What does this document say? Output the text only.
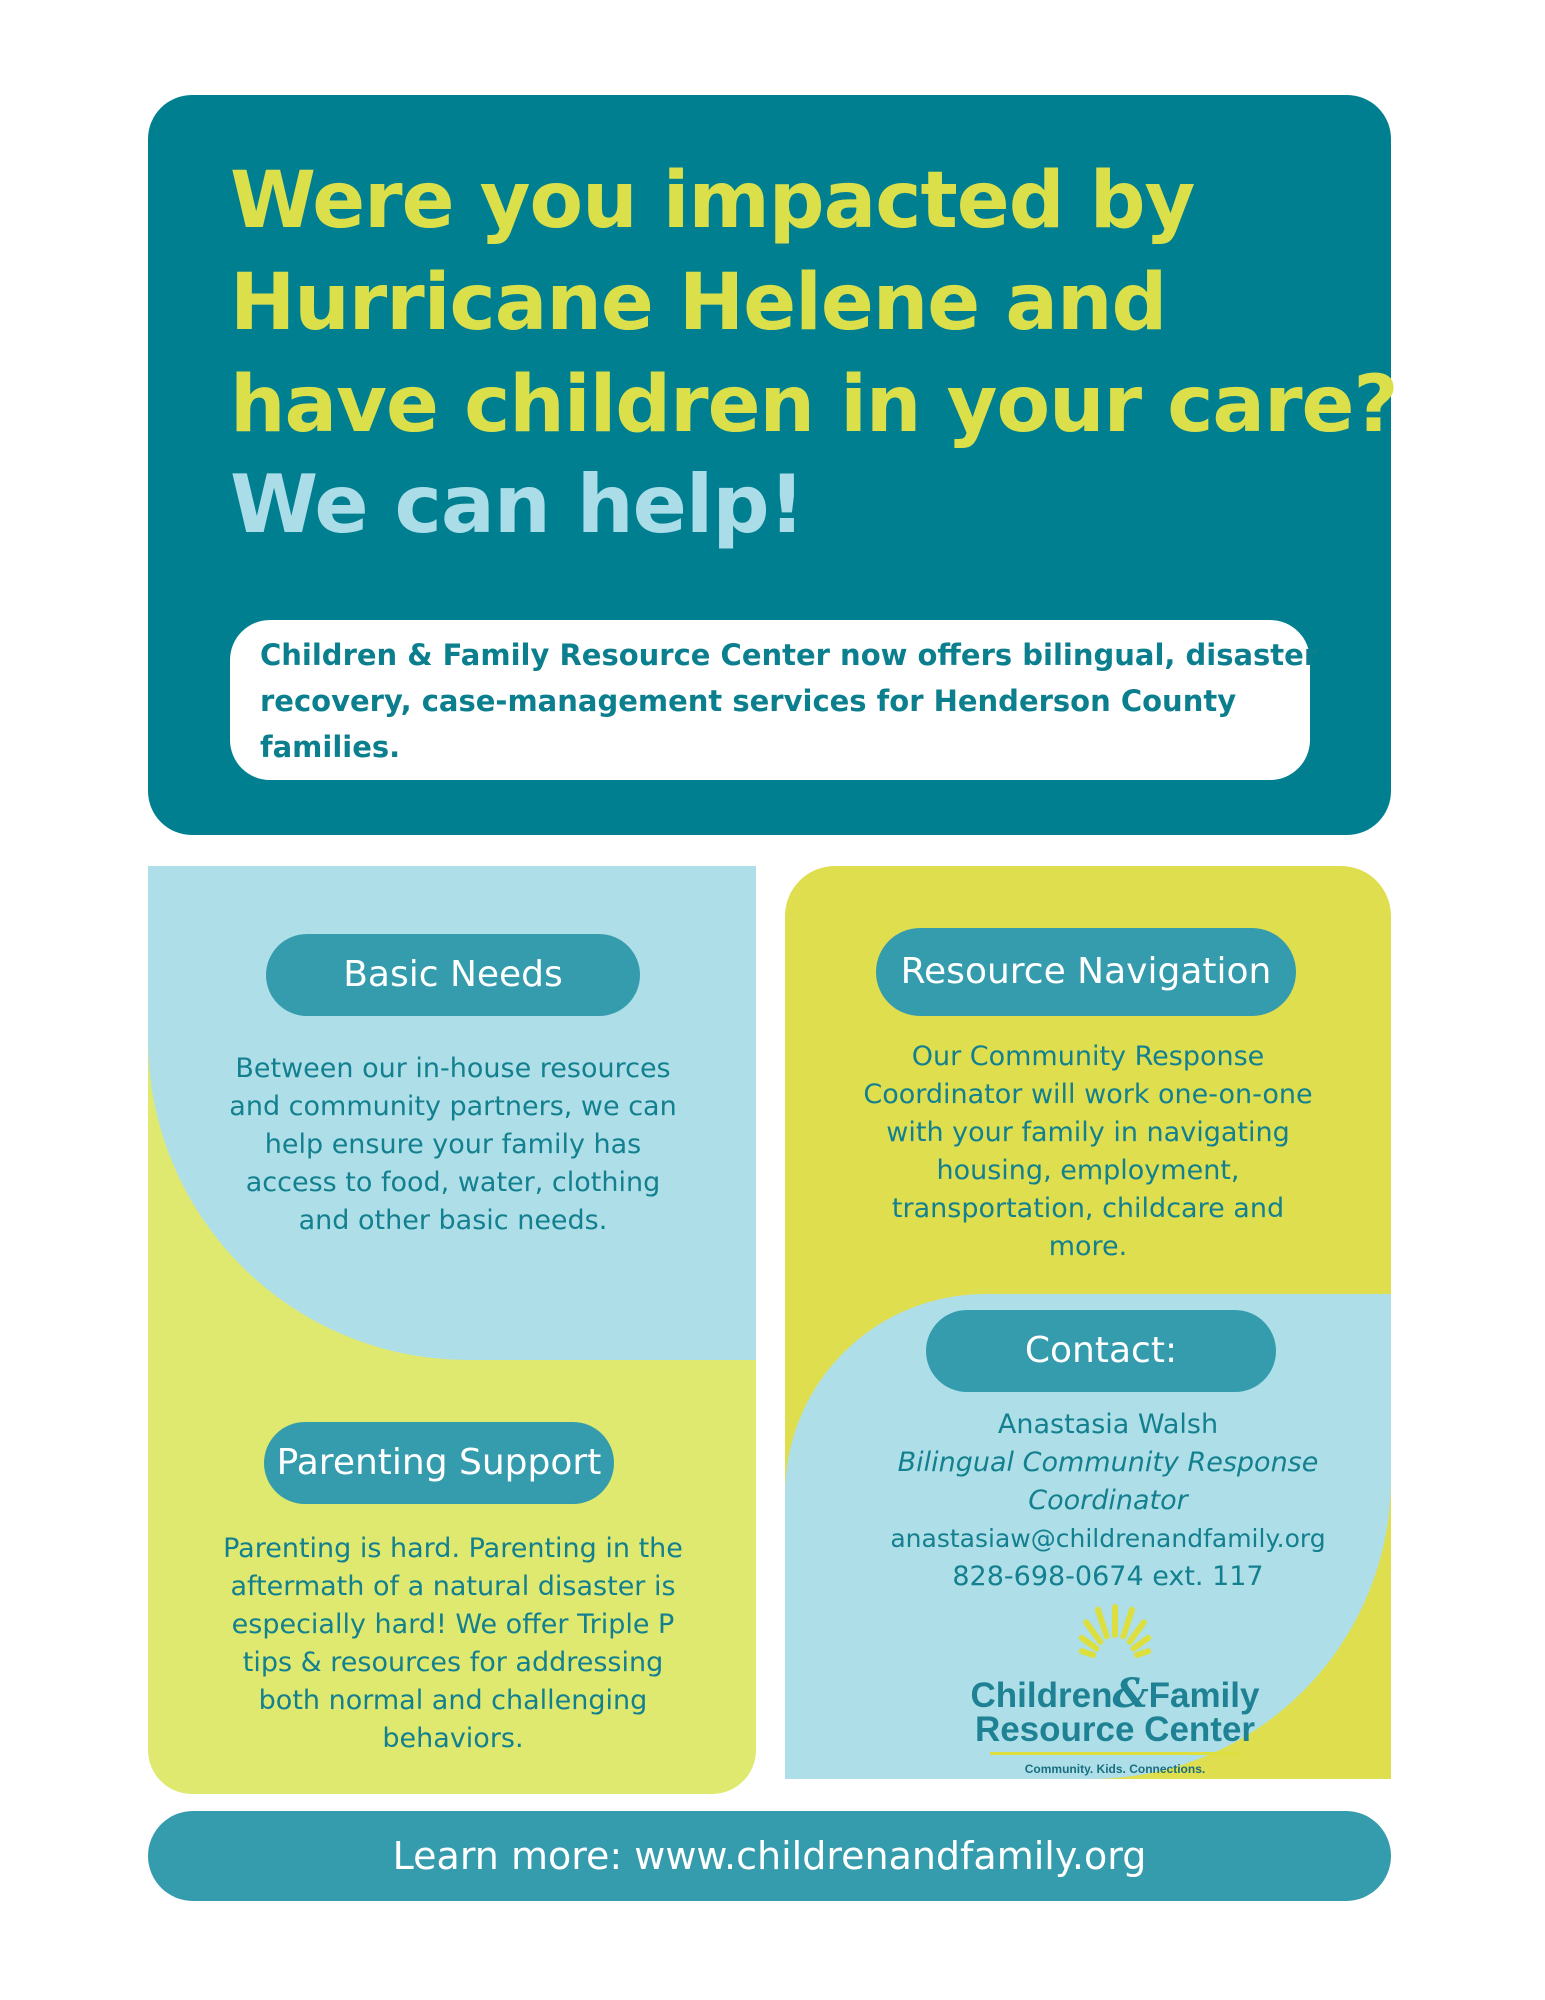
Were you impacted by
Hurricane Helene and
have children in your care?
We can help!
Children & Family Resource Center now offers bilingual, disaster
recovery, case-management services for Henderson County
families.
Basic Needs
Between our in-house resources
and community partners, we can
help ensure your family has
access to food, water, clothing
and other basic needs.
Parenting Support
Parenting is hard. Parenting in the
aftermath of a natural disaster is
especially hard! We offer Triple P
tips & resources for addressing
both normal and challenging
behaviors.
Resource Navigation
Our Community Response
Coordinator will work one-on-one
with your family in navigating
housing, employment,
transportation, childcare and
more.
Contact:
Anastasia Walsh
Bilingual Community Response
Coordinator
anastasiaw@childrenandfamily.org
828-698-0674 ext. 117
Children&Family
Resource Center
Community. Kids. Connections.
Learn more: www.childrenandfamily.org
